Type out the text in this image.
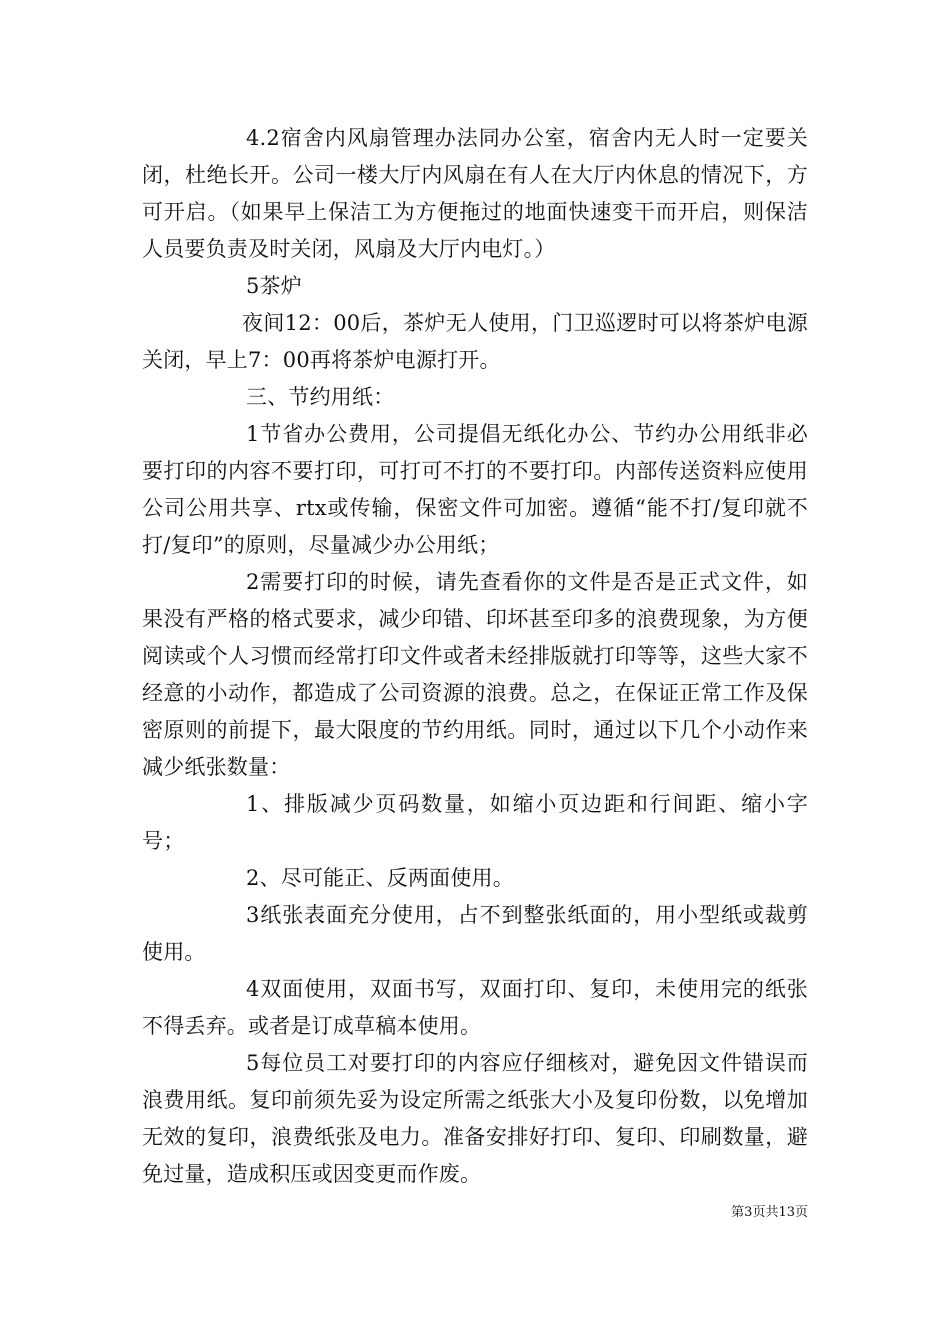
4.2宿舍内风扇管理办法同办公室，宿舍内无人时一定要关闭，杜绝长开。公司一楼大厅内风扇在有人在大厅内休息的情况下，方可开启。（如果早上保洁工为方便拖过的地面快速变干而开启，则保洁人员要负责及时关闭，风扇及大厅内电灯。）

5茶炉

夜间12：00后，茶炉无人使用，门卫巡逻时可以将茶炉电源关闭，早上7：00再将茶炉电源打开。

三、节约用纸：

1节省办公费用，公司提倡无纸化办公、节约办公用纸非必要打印的内容不要打印，可打可不打的不要打印。内部传送资料应使用公司公用共享、rtx或传输，保密文件可加密。遵循“能不打/复印就不打/复印”的原则，尽量减少办公用纸；

2需要打印的时候，请先查看你的文件是否是正式文件，如果没有严格的格式要求，减少印错、印坏甚至印多的浪费现象，为方便阅读或个人习惯而经常打印文件或者未经排版就打印等等，这些大家不经意的小动作，都造成了公司资源的浪费。总之，在保证正常工作及保密原则的前提下，最大限度的节约用纸。同时，通过以下几个小动作来减少纸张数量：

1、排版减少页码数量，如缩小页边距和行间距、缩小字号；

2、尽可能正、反两面使用。

3纸张表面充分使用，占不到整张纸面的，用小型纸或裁剪使用。

4双面使用，双面书写，双面打印、复印，未使用完的纸张不得丢弃。或者是订成草稿本使用。

5每位员工对要打印的内容应仔细核对，避免因文件错误而浪费用纸。复印前须先妥为设定所需之纸张大小及复印份数，以免增加无效的复印，浪费纸张及电力。准备安排好打印、复印、印刷数量，避免过量，造成积压或因变更而作废。

第3页共13页
